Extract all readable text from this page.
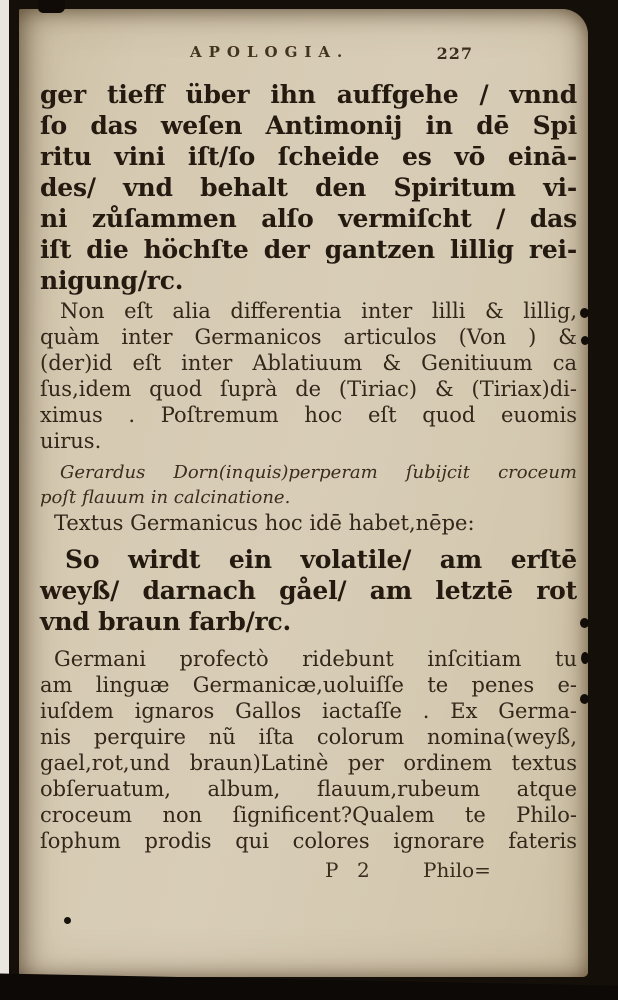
APOLOGIA.	227
ger tieff über ihn auffgehe / vnnd
ſo das weſen Antimonij in dē Spi
ritu vini iſt/ſo ſcheide es vō einā-
des/ vnd behalt den Spiritum vi-
ni zůſammen alſo vermiſcht / das
iſt die höchſte der gantzen lillig rei-
nigung/rc.
Non eſt alia differentia inter lilli & lillig,
quàm inter Germanicos articulos (Von ) &
(der)id eſt inter Ablatiuum & Genitiuum ca
ſus,idem quod ſuprà de (Tiriac) & (Tiriax)di-
ximus . Poſtremum hoc eſt quod euomis
uirus.
Gerardus Dorn(inquis)perperam ſubijcit croceum
poſt flauum in calcinatione.
Textus Germanicus hoc idē habet,nēpe:
So wirdt ein volatile/ am erſtē
weyß/ darnach gåel/ am letztē rot
vnd braun farb/rc.
Germani profectò ridebunt inſcitiam tu
am linguæ Germanicæ,uoluiſſe te penes e-
iuſdem ignaros Gallos iactaſſe . Ex Germa-
nis perquire nũ iſta colorum nomina(weyß,
gael,rot,und braun)Latinè per ordinem textus
obſeruatum, album, flauum,rubeum atque
croceum non ſignificent?Qualem te Philo-
ſophum prodis qui colores ignorare fateris
P 2	Philo=
